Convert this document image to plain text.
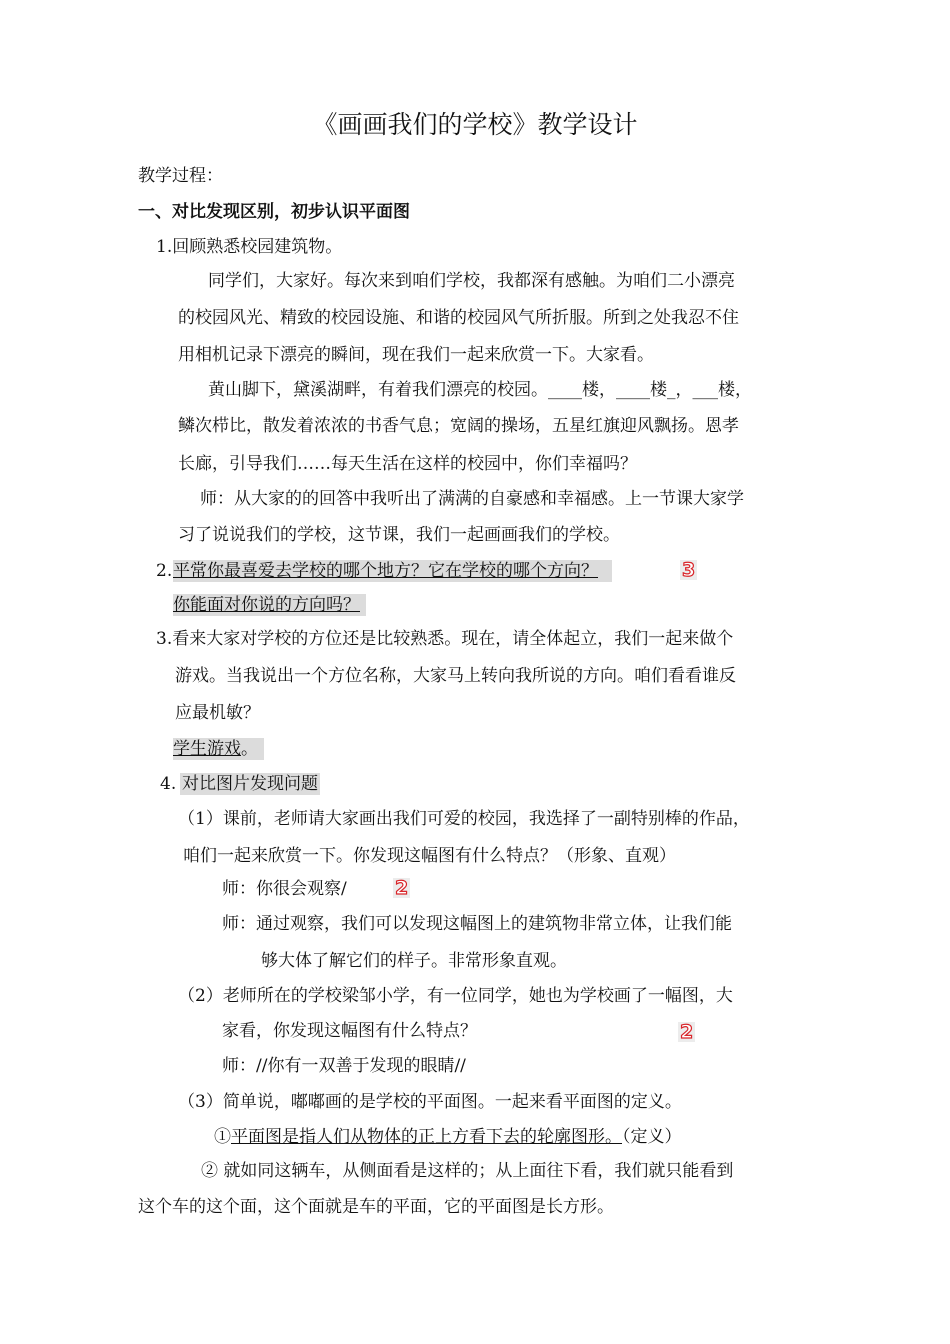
《画画我们的学校》教学设计
教学过程：
一、对比发现区别，初步认识平面图
1.回顾熟悉校园建筑物。
同学们，大家好。每次来到咱们学校，我都深有感触。为咱们二小漂亮
的校园风光、精致的校园设施、和谐的校园风气所折服。所到之处我忍不住
用相机记录下漂亮的瞬间，现在我们一起来欣赏一下。大家看。
黄山脚下，黛溪湖畔，有着我们漂亮的校园。____楼，____楼_，___楼，
鳞次栉比，散发着浓浓的书香气息；宽阔的操场，五星红旗迎风飘扬。恩孝
长廊，引导我们……每天生活在这样的校园中，你们幸福吗？
师：从大家的的回答中我听出了满满的自豪感和幸福感。上一节课大家学
习了说说我们的学校，这节课，我们一起画画我们的学校。
2. 平常你最喜爱去学校的哪个地方？它在学校的哪个方向？	3
你能面对你说的方向吗？
3.看来大家对学校的方位还是比较熟悉。现在，请全体起立，我们一起来做个
游戏。当我说出一个方位名称，大家马上转向我所说的方向。咱们看看谁反
应最机敏？
学生游戏。
4. 对比图片发现问题
（1）课前，老师请大家画出我们可爱的校园，我选择了一副特别棒的作品，
咱们一起来欣赏一下。你发现这幅图有什么特点？（形象、直观）
师：你很会观察/	2
师：通过观察，我们可以发现这幅图上的建筑物非常立体，让我们能
够大体了解它们的样子。非常形象直观。
（2）老师所在的学校梁邹小学，有一位同学，她也为学校画了一幅图，大
家看，你发现这幅图有什么特点？	2
师：//你有一双善于发现的眼睛//
（3）简单说，嘟嘟画的是学校的平面图。一起来看平面图的定义。
①平面图是指人们从物体的正上方看下去的轮廓图形。（定义）
② 就如同这辆车，从侧面看是这样的；从上面往下看，我们就只能看到
这个车的这个面，这个面就是车的平面，它的平面图是长方形。
